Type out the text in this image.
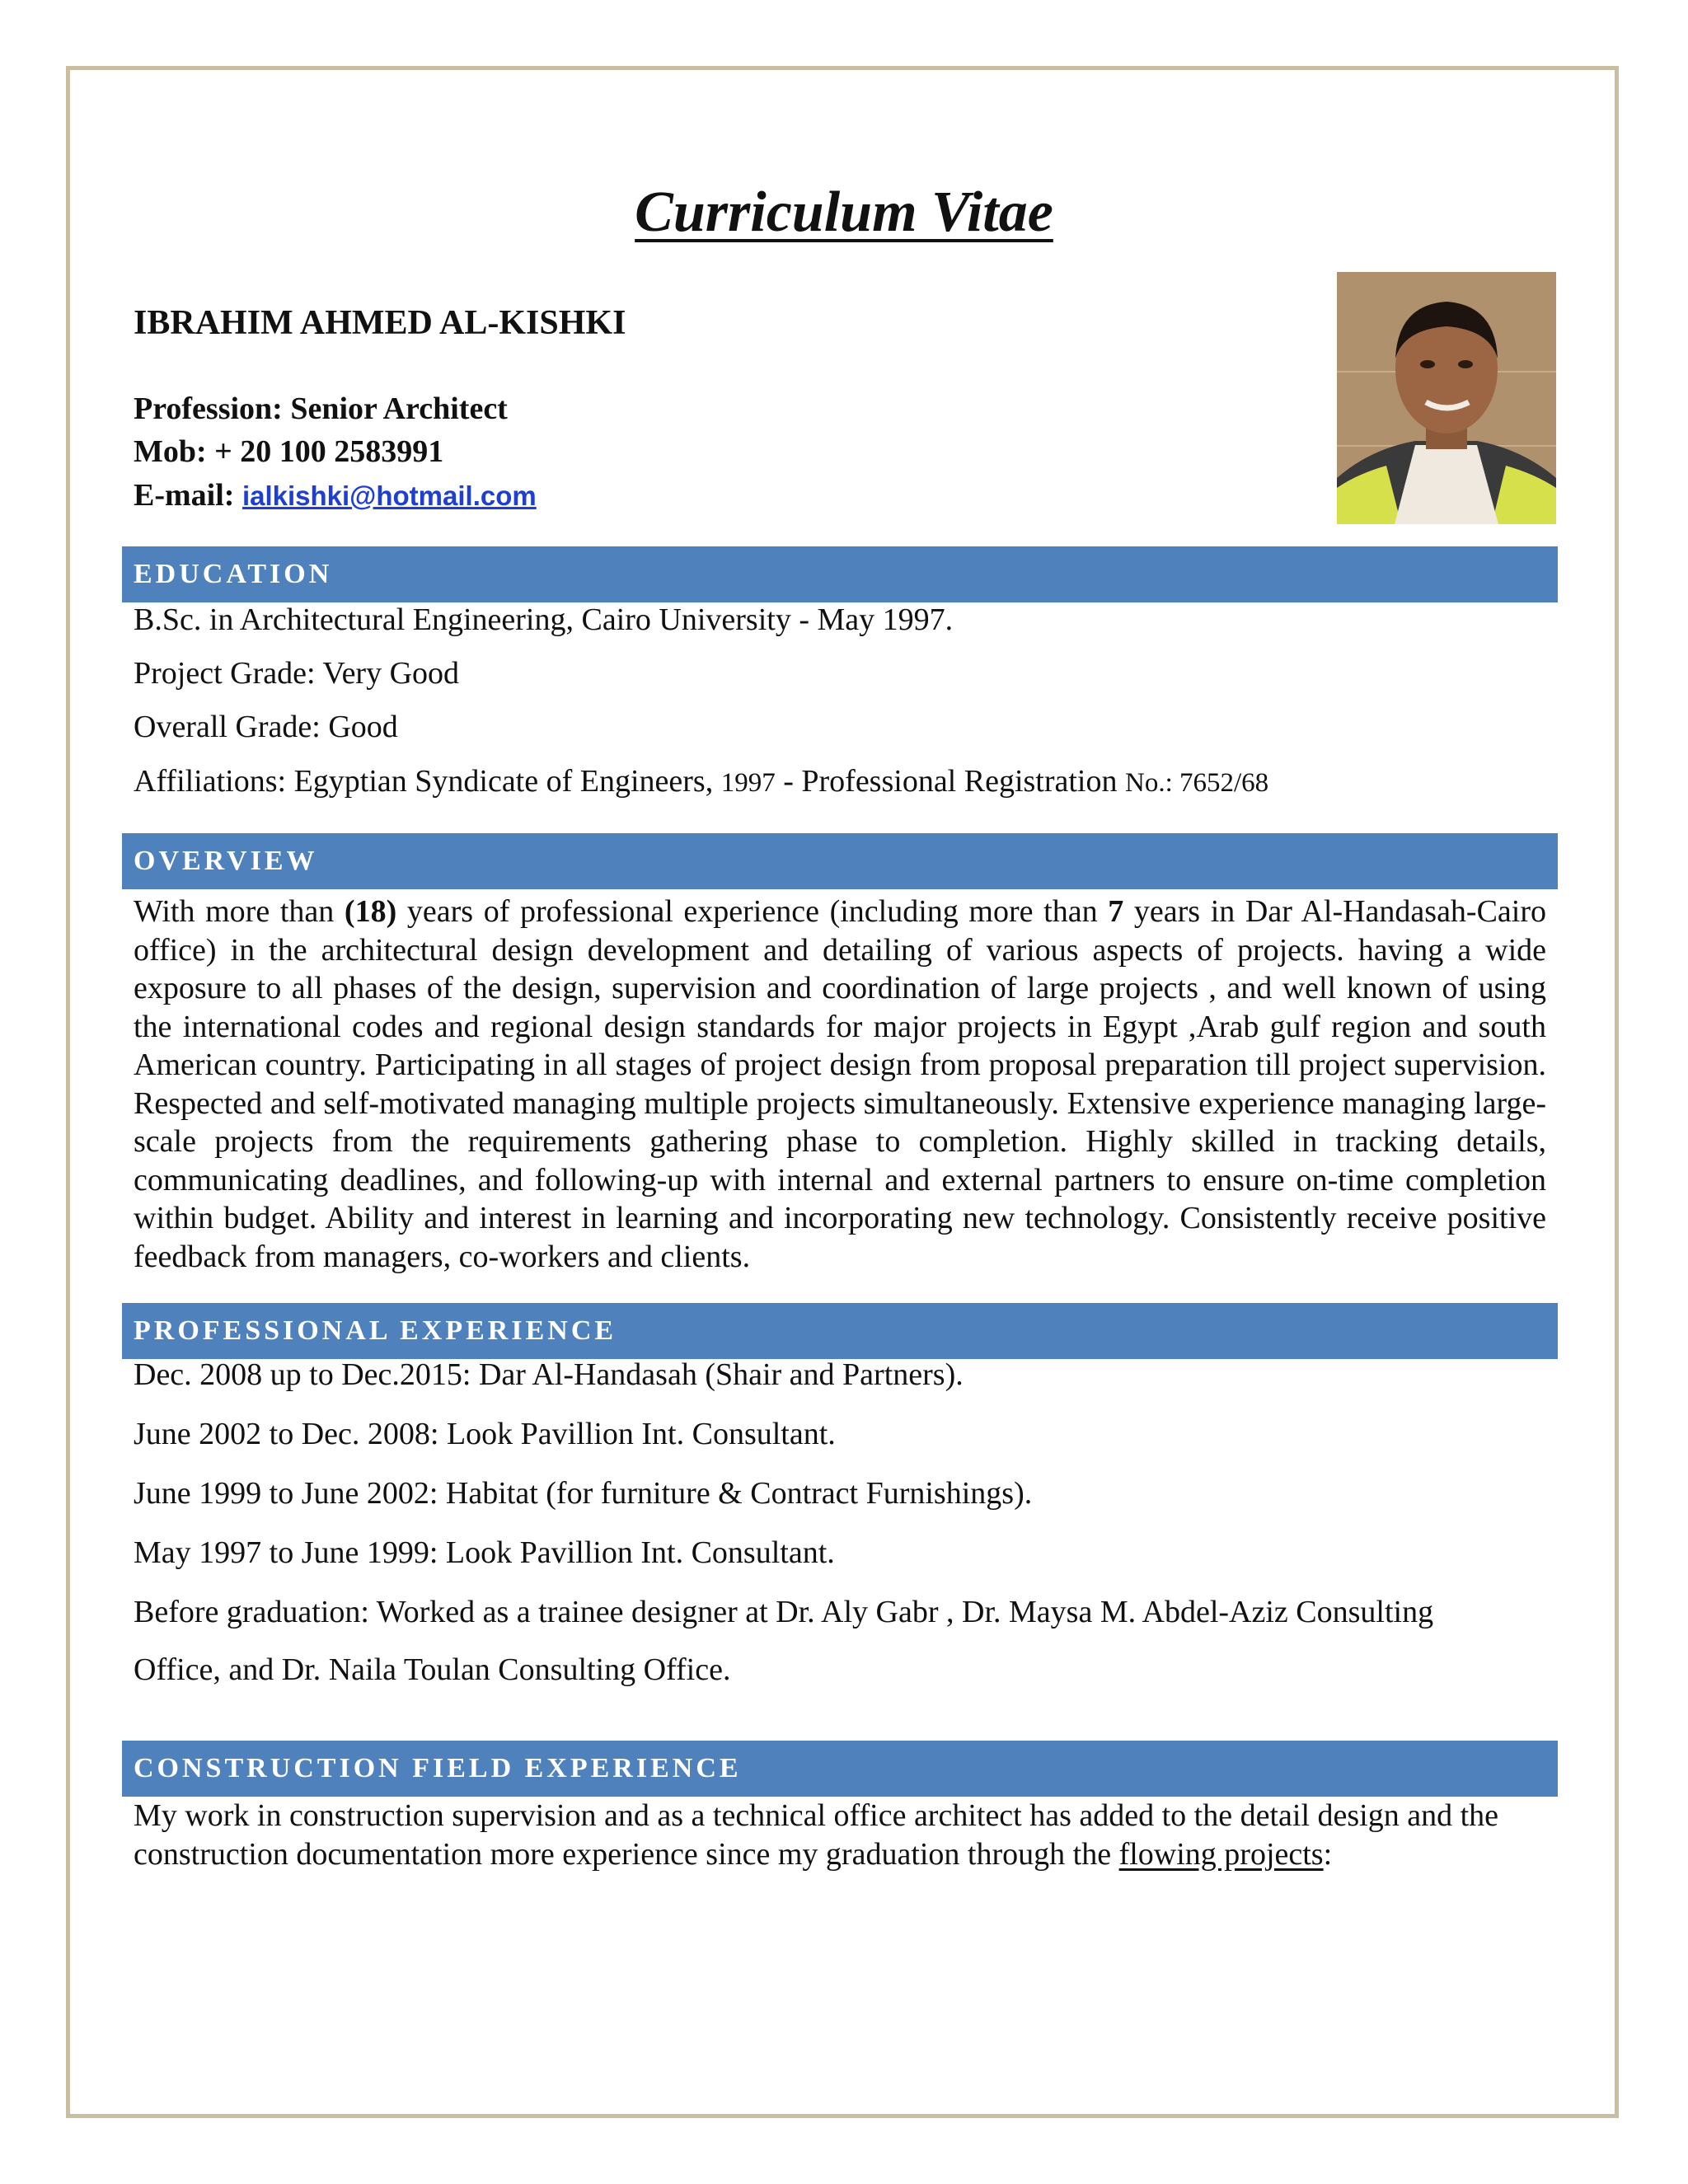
Curriculum Vitae
IBRAHIM AHMED AL-KISHKI
Profession: Senior Architect
Mob: + 20 100 2583991
E-mail: ialkishki@hotmail.com
EDUCATION
B.Sc. in Architectural Engineering, Cairo University - May 1997.
Project Grade: Very Good
Overall Grade: Good
Affiliations: Egyptian Syndicate of Engineers, 1997 - Professional Registration No.: 7652/68
OVERVIEW
With more than (18) years of professional experience (including more than 7 years in Dar Al-Handasah-Cairo office) in the architectural design development and detailing of various aspects of projects. having a wide exposure to all phases of the design, supervision and coordination of large projects , and well known of using the international codes and regional design standards for major projects in Egypt ,Arab gulf region and south American country. Participating in all stages of project design from proposal preparation till project supervision. Respected and self-motivated managing multiple projects simultaneously. Extensive experience managing large-scale projects from the requirements gathering phase to completion. Highly skilled in tracking details, communicating deadlines, and following-up with internal and external partners to ensure on-time completion within budget. Ability and interest in learning and incorporating new technology. Consistently receive positive feedback from managers, co-workers and clients.
PROFESSIONAL EXPERIENCE
Dec. 2008 up to Dec.2015: Dar Al-Handasah (Shair and Partners).
June 2002 to Dec. 2008: Look Pavillion Int. Consultant.
June 1999 to June 2002: Habitat (for furniture & Contract Furnishings).
May 1997 to June 1999: Look Pavillion Int. Consultant.
Before graduation: Worked as a trainee designer at Dr. Aly Gabr , Dr. Maysa M. Abdel-Aziz Consulting
Office, and Dr. Naila Toulan Consulting Office.
CONSTRUCTION FIELD EXPERIENCE
My work in construction supervision and as a technical office architect has added to the detail design and the construction documentation more experience since my graduation through the flowing projects:
